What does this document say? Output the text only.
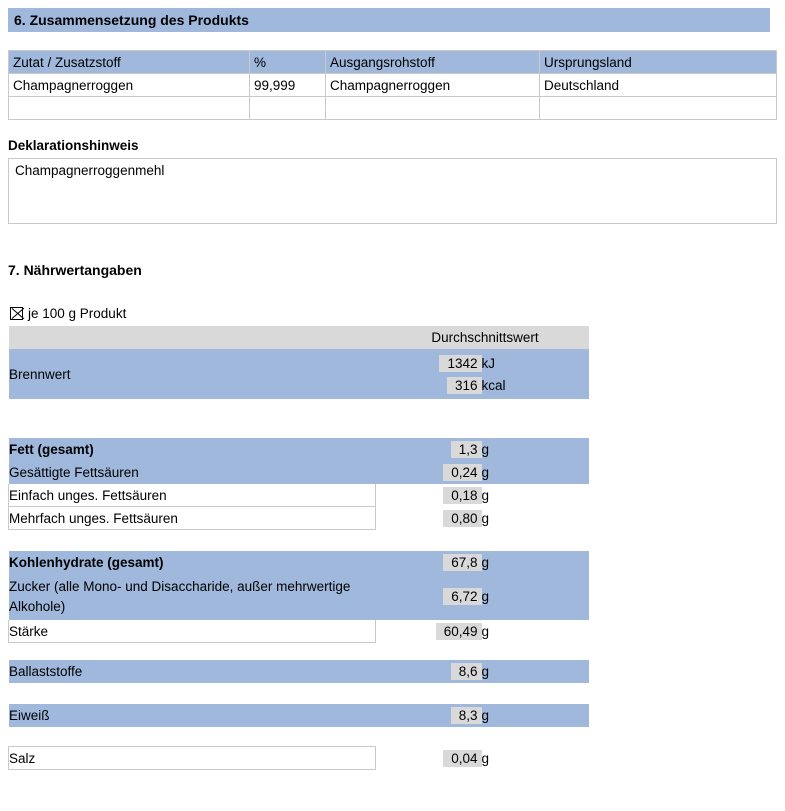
6. Zusammensetzung des Produkts
Zutat / Zusatzstoff	%	Ausgangsrohstoff	Ursprungsland
Champagnerroggen	99,999	Champagnerroggen	Deutschland

Deklarationshinweis
Champagnerroggenmehl
7. Nährwertangaben
je 100 g Produkt
		Durchschnittswert	

Brennwert		1342	kJ

		316	kcal

Fett (gesamt)		1,3	g
Gesättigte Fettsäuren		0,24	g
Einfach unges. Fettsäuren		0,18	g
Mehrfach unges. Fettsäuren		0,80	g
Kohlenhydrate (gesamt)		67,8	g
Zucker (alle Mono- und Disaccharide, außer mehrwertige Alkohole)		6,72	g
Stärke		60,49	g
Ballaststoffe		8,6	g
Eiweiß		8,3	g
Salz		0,04	g
